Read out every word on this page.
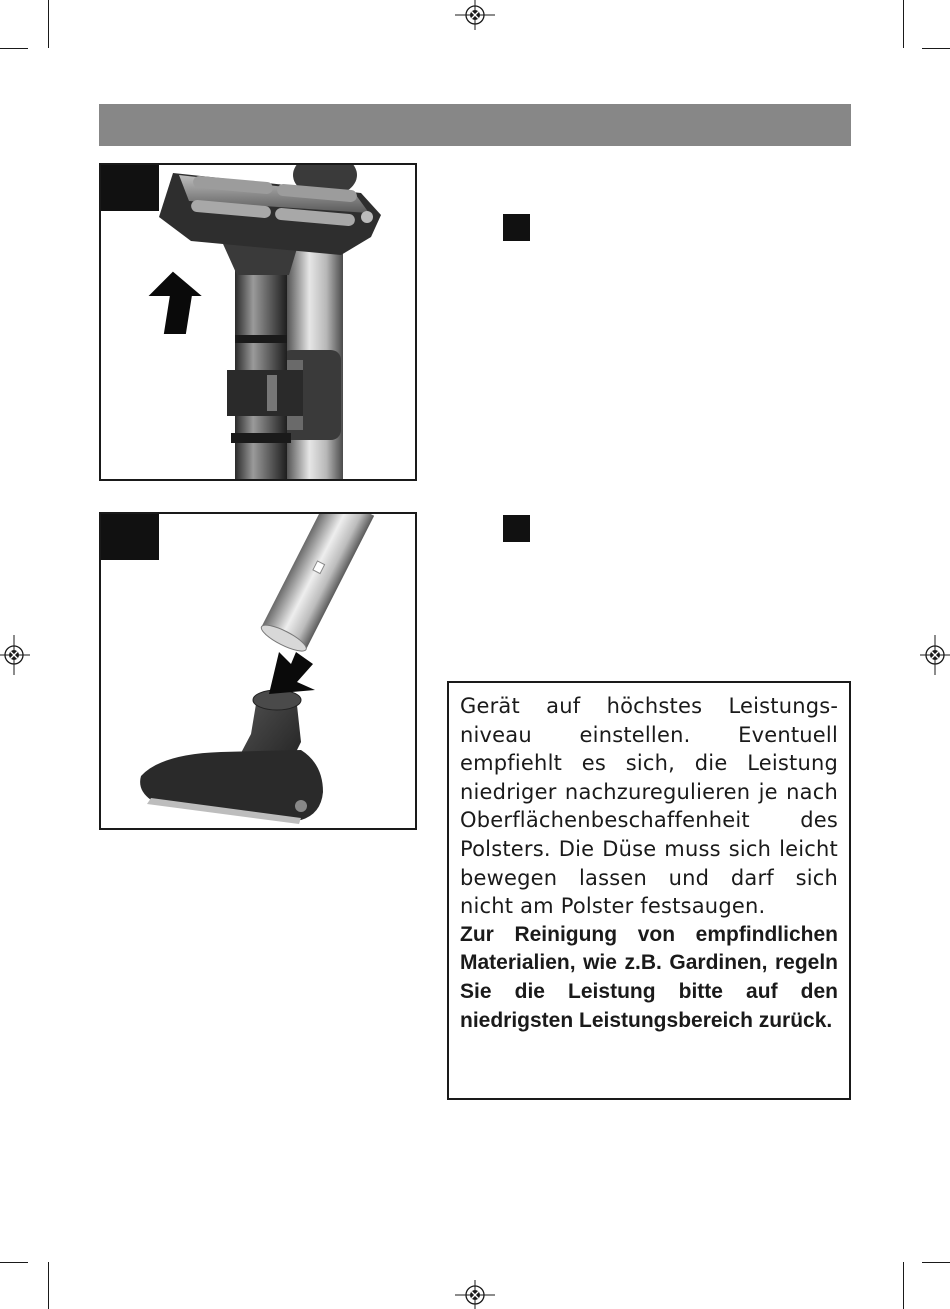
Gerät auf höchstes Leistungsniveau einstellen. Eventuell empfiehlt es sich, die Leistung niedriger nachzuregulieren je nach Oberflächenbeschaffenheit des Polsters. Die Düse muss sich leicht bewegen lassen und darf sich nicht am Polster festsaugen.

Zur Reinigung von empfindlichen Materialien, wie z.B. Gardinen, regeln Sie die Leistung bitte auf den niedrigsten Leistungsbereich zurück.
